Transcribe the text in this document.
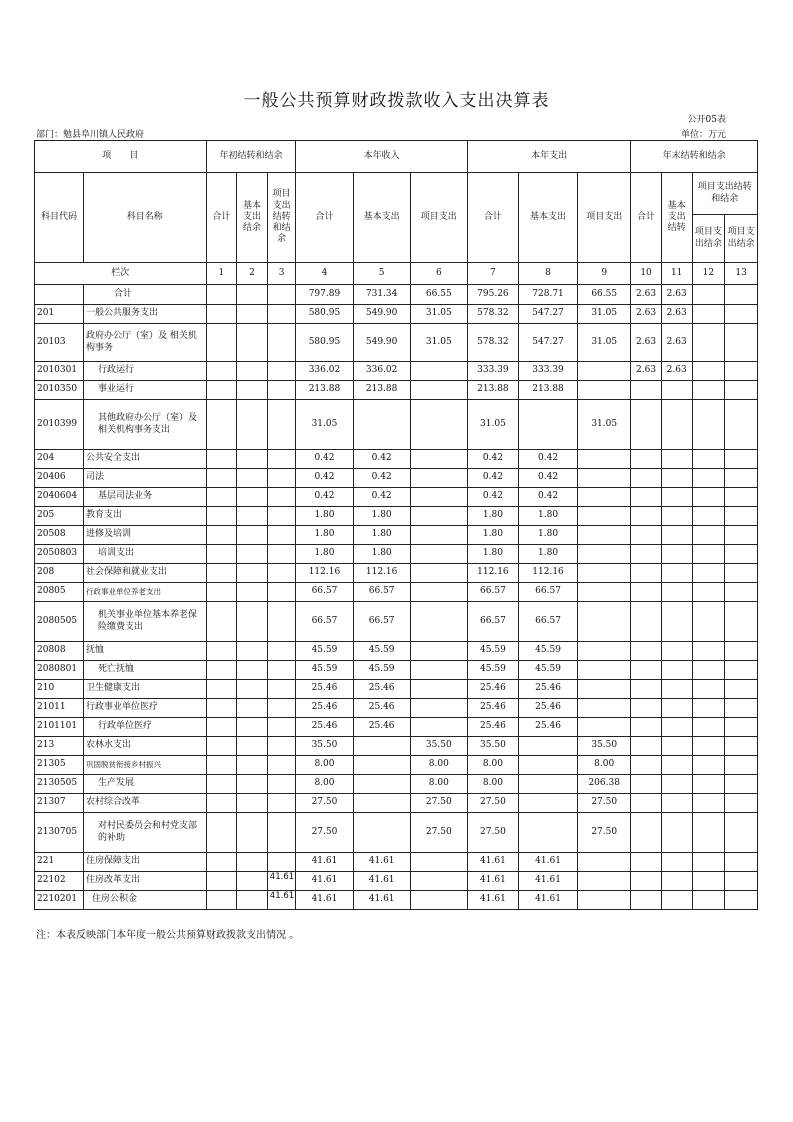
一般公共预算财政拨款收入支出决算表
公开05表
部门：勉县阜川镇人民政府	单位：万元
项　　目		年初结转和结余			本年收入			本年支出			年末结转和结余			
科目代码	科目名称	合计	基本支出结余	项目支出结转和结余	合计	基本支出	项目支出	合计	基本支出	项目支出	合计	基本支出结转	项目支出结转和结余	
													项目支出结余	项目支出结余
栏次		1	2	3	4	5	6	7	8	9	10	11	12	13
	合计				797.89	731.34	66.55	795.26	728.71	66.55	2.63	2.63		
201	一般公共服务支出				580.95	549.90	31.05	578.32	547.27	31.05	2.63	2.63		
20103	政府办公厅（室）及 相关机构事务				580.95	549.90	31.05	578.32	547.27	31.05	2.63	2.63		
2010301	行政运行				336.02	336.02		333.39	333.39		2.63	2.63		
2010350	事业运行				213.88	213.88		213.88	213.88					
2010399	其他政府办公厅（室）及相关机构事务支出				31.05			31.05		31.05				
204	公共安全支出				0.42	0.42		0.42	0.42					
20406	司法				0.42	0.42		0.42	0.42					
2040604	基层司法业务				0.42	0.42		0.42	0.42					
205	教育支出				1.80	1.80		1.80	1.80					
20508	进修及培训				1.80	1.80		1.80	1.80					
2050803	培训支出				1.80	1.80		1.80	1.80					
208	社会保障和就业支出				112.16	112.16		112.16	112.16					
20805	行政事业单位养老支出				66.57	66.57		66.57	66.57					
2080505	机关事业单位基本养老保险缴费支出				66.57	66.57		66.57	66.57					
20808	抚恤				45.59	45.59		45.59	45.59					
2080801	死亡抚恤				45.59	45.59		45.59	45.59					
210	卫生健康支出				25.46	25.46		25.46	25.46					
21011	行政事业单位医疗				25.46	25.46		25.46	25.46					
2101101	行政单位医疗				25.46	25.46		25.46	25.46					
213	农林水支出				35.50		35.50	35.50		35.50				
21305	巩固脱贫衔接乡村振兴				8.00		8.00	8.00		8.00				
2130505	生产发展				8.00		8.00	8.00		206.38				
21307	农村综合改革				27.50		27.50	27.50		27.50				
2130705	对村民委员会和村党支部的补助				27.50		27.50	27.50		27.50				
221	住房保障支出				41.61	41.61		41.61	41.61					
22102	住房改革支出			41.61	41.61	41.61		41.61	41.61					
2210201	住房公积金			41.61	41.61	41.61		41.61	41.61					
注：本表反映部门本年度一般公共预算财政拨款支出情况 。
